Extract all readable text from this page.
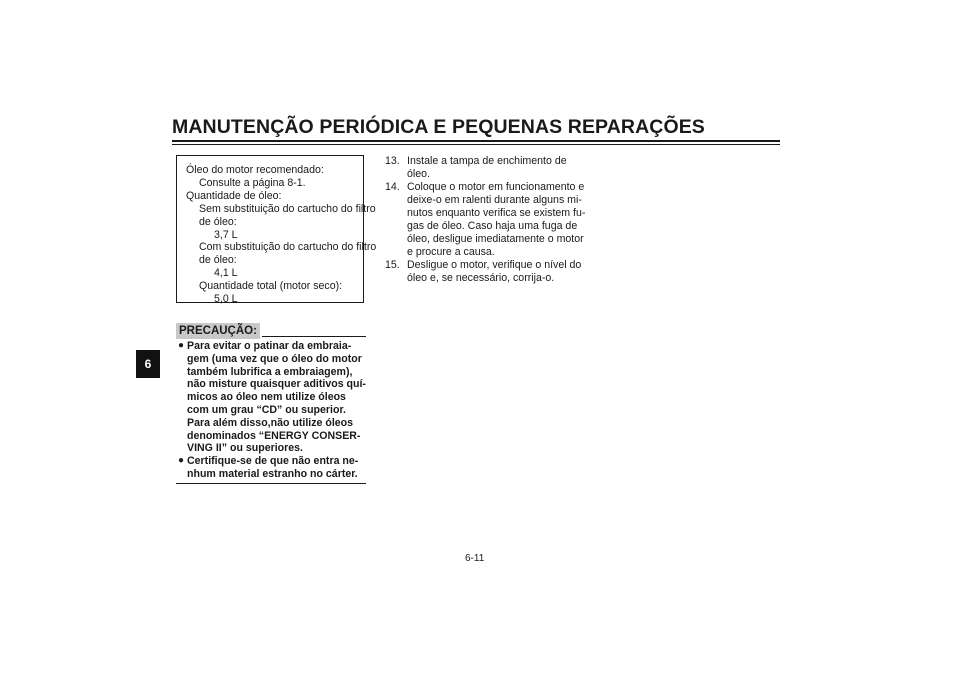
MANUTENÇÃO PERIÓDICA E PEQUENAS REPARAÇÕES
6
Óleo do motor recomendado:
Consulte a página 8-1.
Quantidade de óleo:
Sem substituição do cartucho do filtro
de óleo:
3,7 L
Com substituição do cartucho do filtro
de óleo:
4,1 L
Quantidade total (motor seco):
5,0 L
PRECAUÇÃO:
● Para evitar o patinar da embraia-
gem (uma vez que o óleo do motor
também lubrifica a embraiagem),
não misture quaisquer aditivos quí-
micos ao óleo nem utilize óleos
com um grau “CD” ou superior.
Para além disso,não utilize óleos
denominados “ENERGY CONSER-
VING II” ou superiores.
● Certifique-se de que não entra ne-
nhum material estranho no cárter.
13. Instale a tampa de enchimento de
óleo.
14. Coloque o motor em funcionamento e
deixe-o em ralenti durante alguns mi-
nutos enquanto verifica se existem fu-
gas de óleo. Caso haja uma fuga de
óleo, desligue imediatamente o motor
e procure a causa.
15. Desligue o motor, verifique o nível do
óleo e, se necessário, corrija-o.
6-11
